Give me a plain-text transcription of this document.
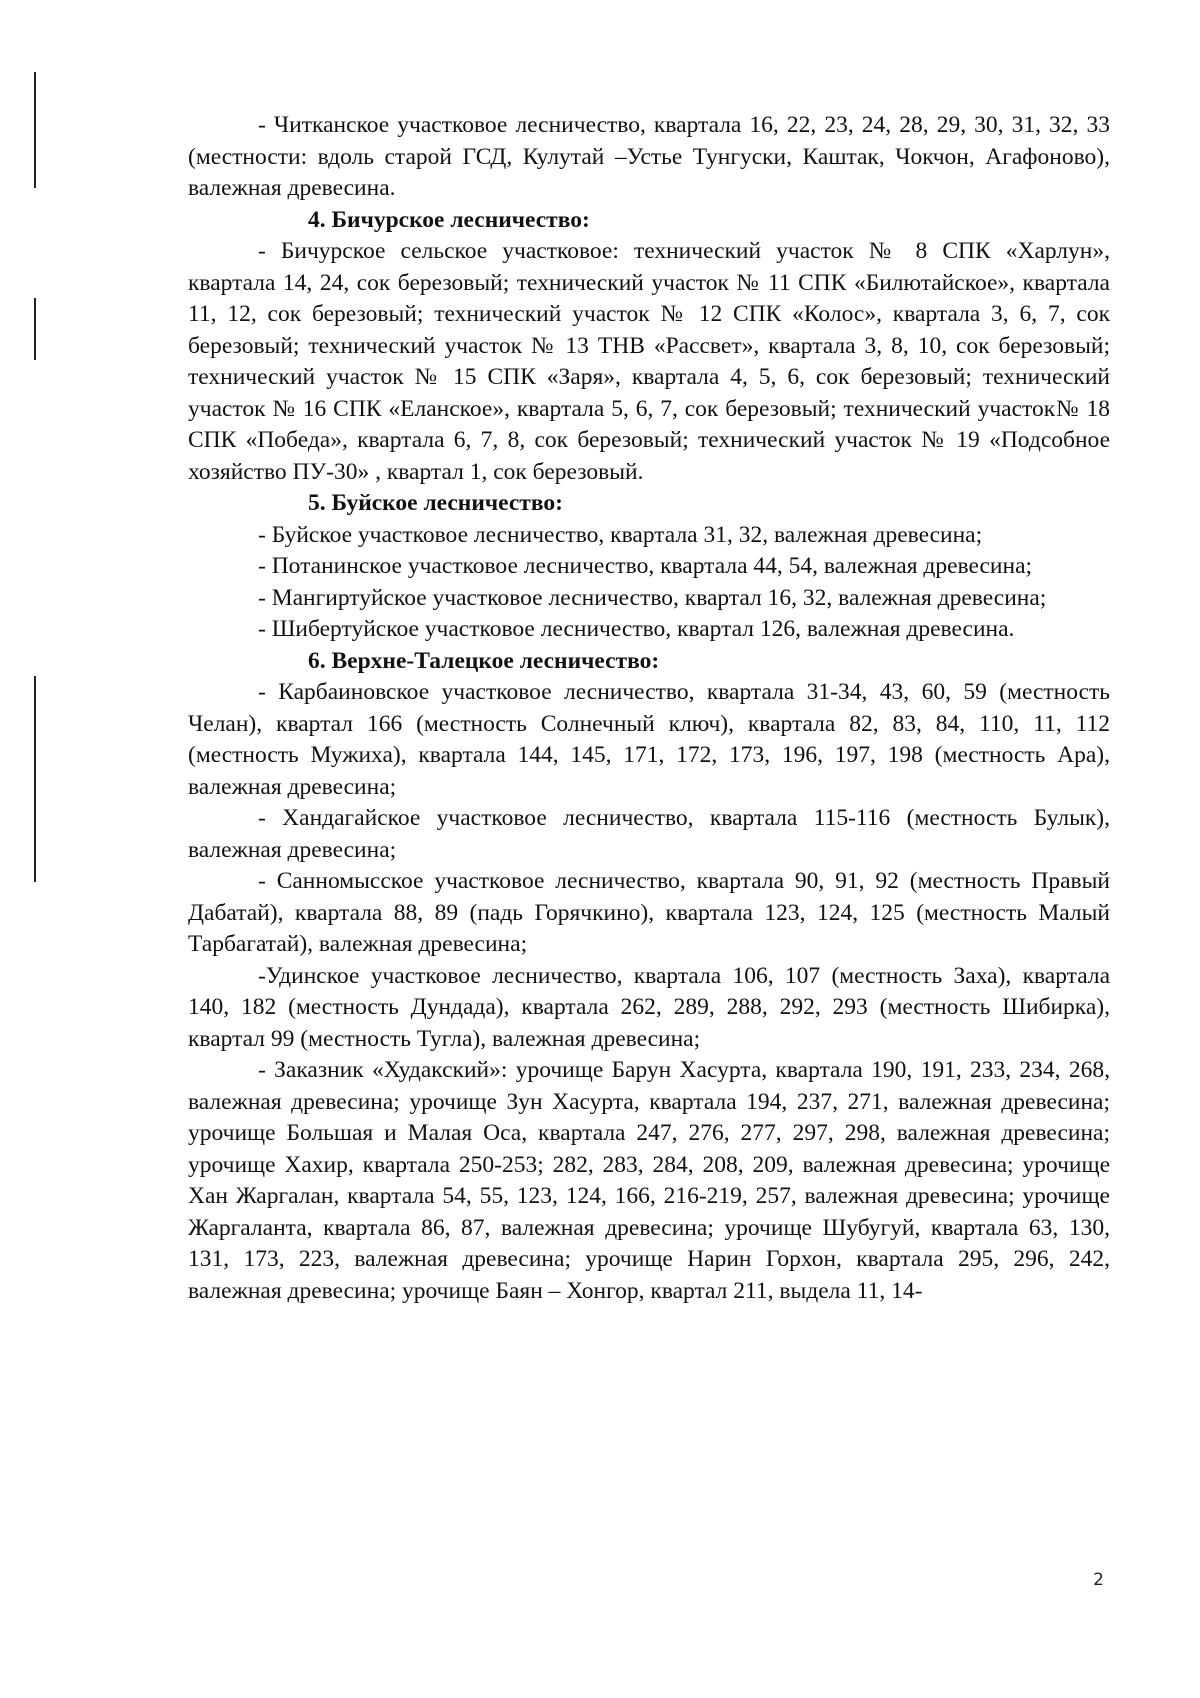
- Читканское участковое лесничество, квартала 16, 22, 23, 24, 28, 29, 30, 31, 32, 33 (местности: вдоль старой ГСД, Кулутай –Устье Тунгуски, Каштак, Чокчон, Агафоново), валежная древесина.

4. Бичурское лесничество:

- Бичурское сельское участковое: технический участок № 8 СПК «Харлун», квартала 14, 24, сок березовый; технический участок № 11 СПК «Билютайское», квартала 11, 12, сок березовый; технический участок № 12 СПК «Колос», квартала 3, 6, 7, сок березовый; технический участок № 13 ТНВ «Рассвет», квартала 3, 8, 10, сок березовый; технический участок № 15 СПК «Заря», квартала 4, 5, 6, сок березовый; технический участок № 16 СПК «Еланское», квартала 5, 6, 7, сок березовый; технический участок№ 18 СПК «Победа», квартала 6, 7, 8, сок березовый; технический участок № 19 «Подсобное хозяйство ПУ-30» , квартал 1, сок березовый.

5. Буйское лесничество:

- Буйское участковое лесничество, квартала 31, 32, валежная древесина;

- Потанинское участковое лесничество, квартала 44, 54, валежная древесина;

- Мангиртуйское участковое лесничество, квартал 16, 32, валежная древесина;

- Шибертуйское участковое лесничество, квартал 126, валежная древесина.

6. Верхне-Талецкое лесничество:

- Карбаиновское участковое лесничество, квартала 31-34, 43, 60, 59 (местность Челан), квартал 166 (местность Солнечный ключ), квартала 82, 83, 84, 110, 11, 112 (местность Мужиха), квартала 144, 145, 171, 172, 173, 196, 197, 198 (местность Ара), валежная древесина;

- Хандагайское участковое лесничество, квартала 115-116 (местность Булык), валежная древесина;

- Санномысское участковое лесничество, квартала 90, 91, 92 (местность Правый Дабатай), квартала 88, 89 (падь Горячкино), квартала 123, 124, 125 (местность Малый Тарбагатай), валежная древесина;

-Удинское участковое лесничество, квартала 106, 107 (местность Заха), квартала 140, 182 (местность Дундада), квартала 262, 289, 288, 292, 293 (местность Шибирка), квартал 99 (местность Тугла), валежная древесина;

- Заказник «Худакский»: урочище Барун Хасурта, квартала 190, 191, 233, 234, 268, валежная древесина; урочище Зун Хасурта, квартала 194, 237, 271, валежная древесина; урочище Большая и Малая Оса, квартала 247, 276, 277, 297, 298, валежная древесина; урочище Хахир, квартала 250-253; 282, 283, 284, 208, 209, валежная древесина; урочище Хан Жаргалан, квартала 54, 55, 123, 124, 166, 216-219, 257, валежная древесина; урочище Жаргаланта, квартала 86, 87, валежная древесина; урочище Шубугуй, квартала 63, 130, 131, 173, 223, валежная древесина; урочище Нарин Горхон, квартала 295, 296, 242, валежная древесина; урочище Баян – Хонгор, квартал 211, выдела 11, 14-

2
